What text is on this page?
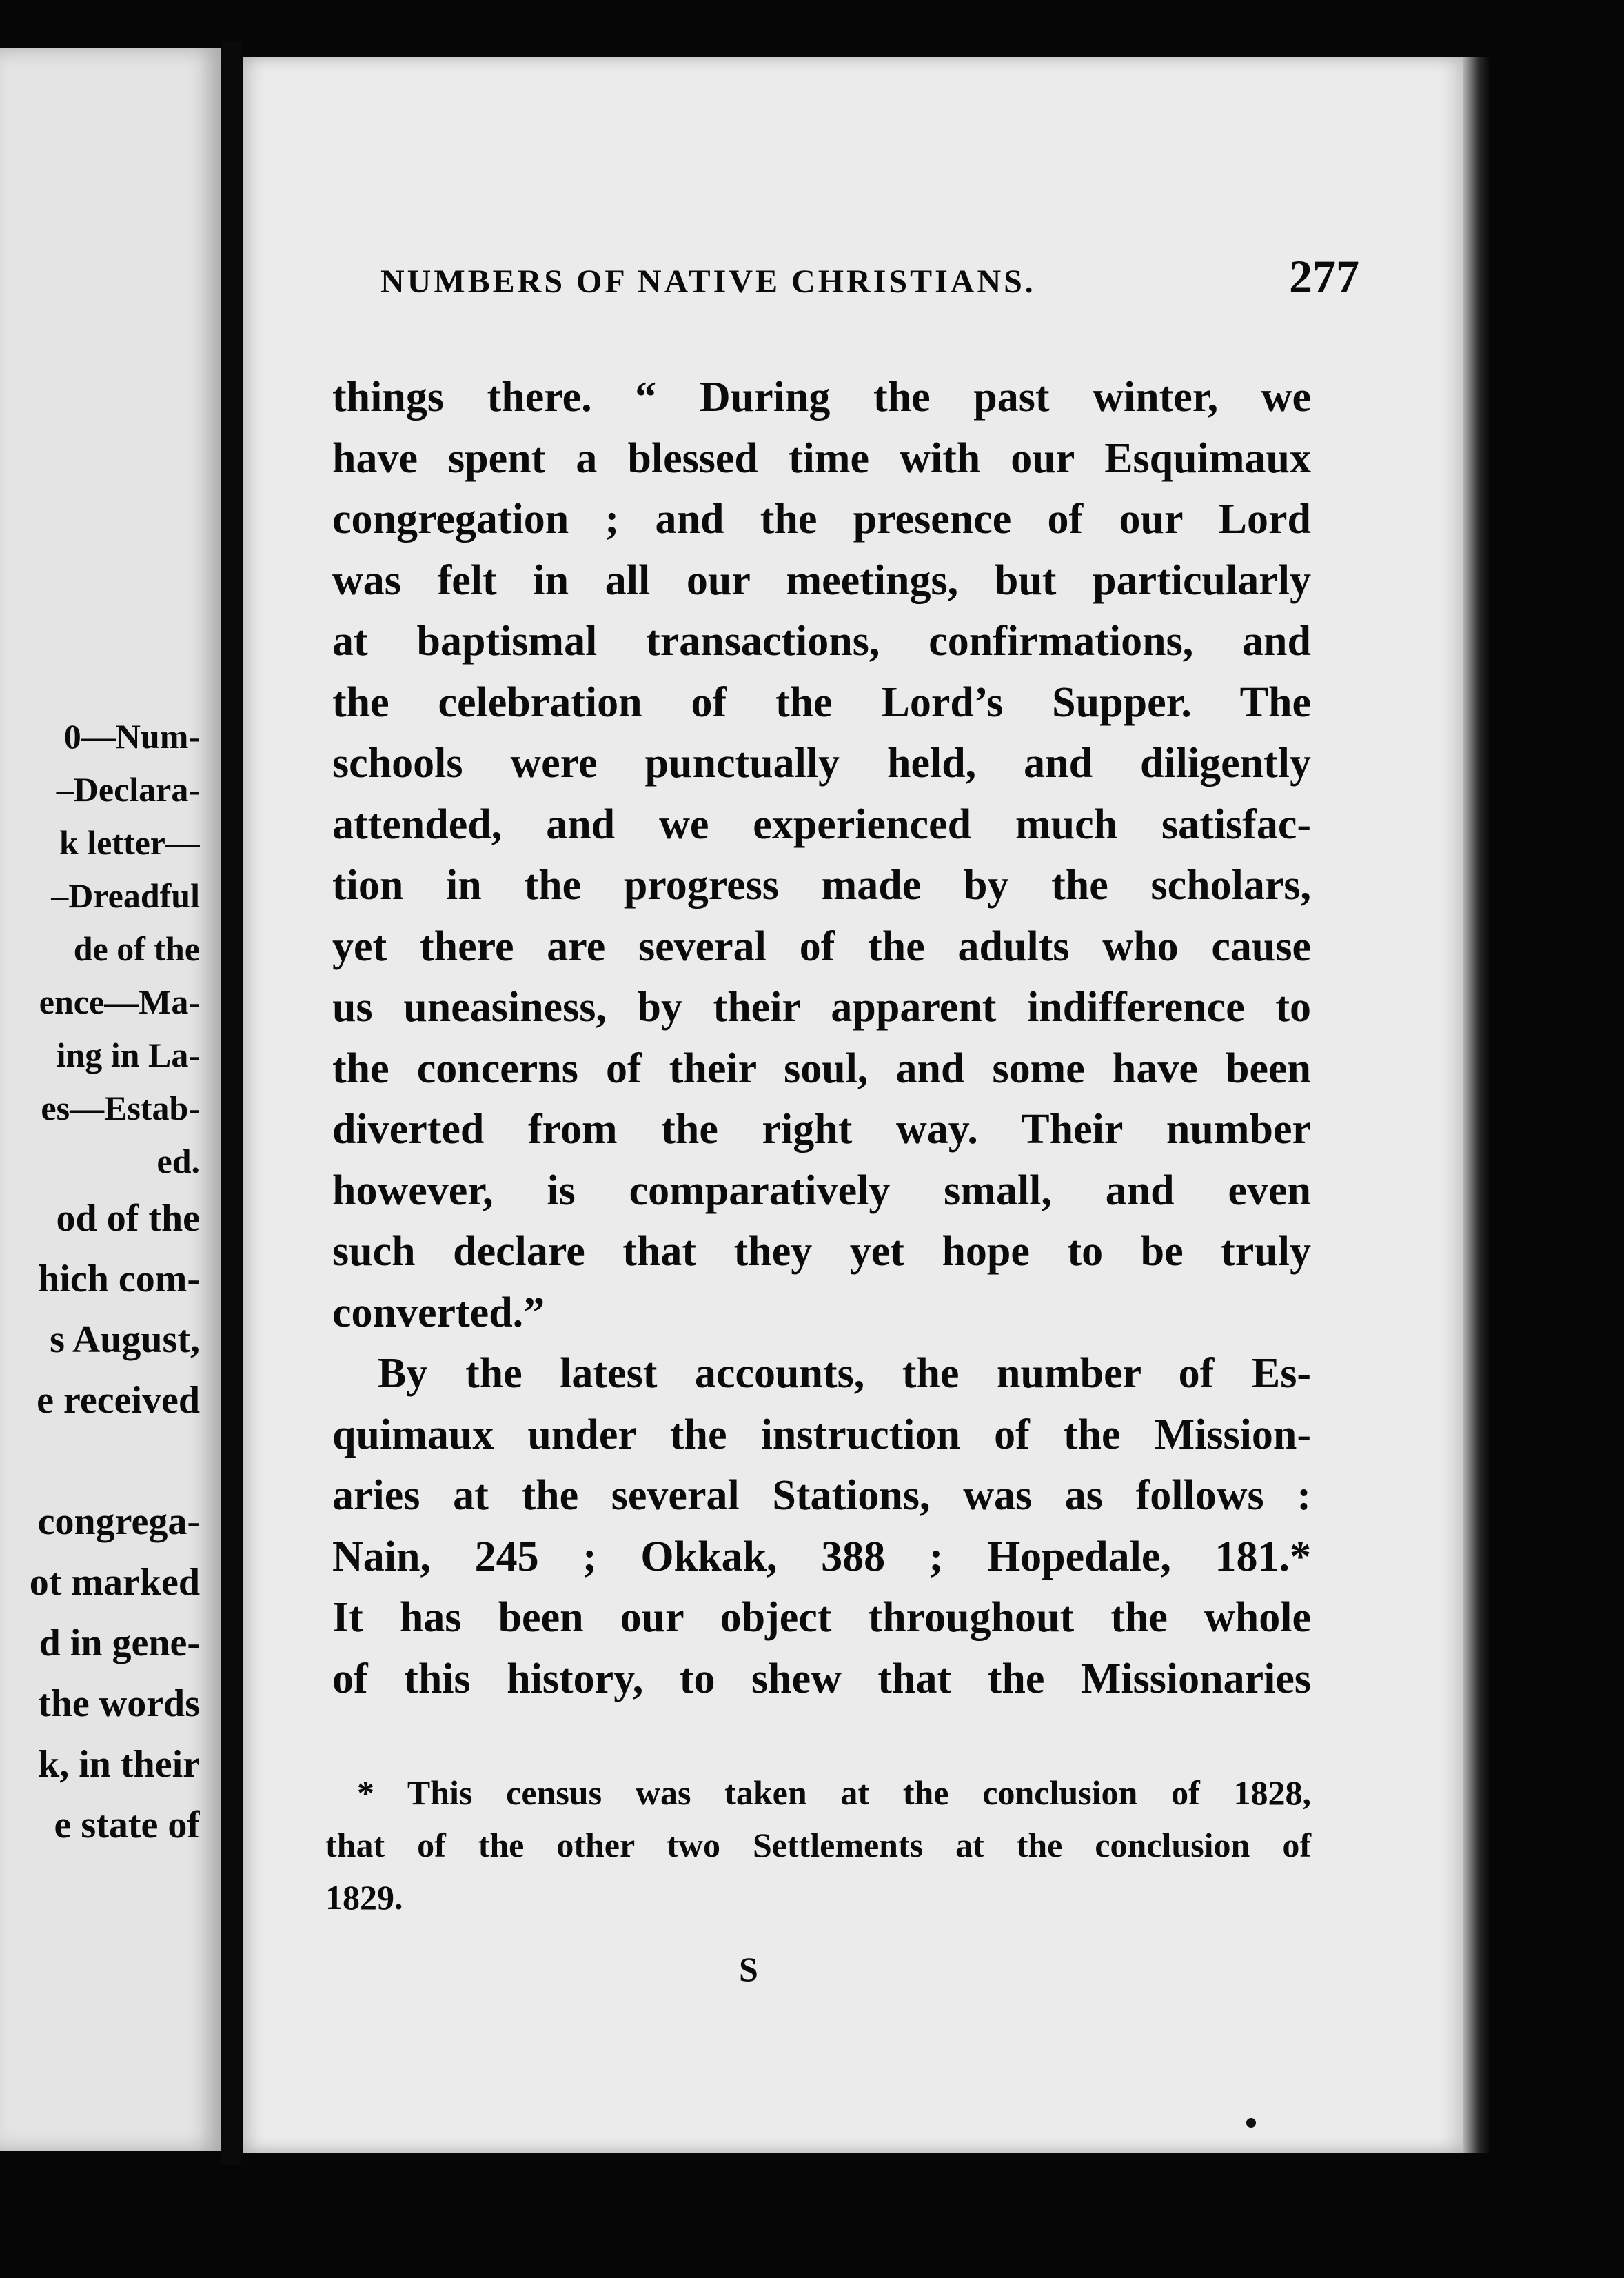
0—Num-
–Declara-
k letter—
–Dreadful
de of the
ence—Ma-
ing in La-
es—Estab-
ed.
od of the
hich com-
s August,
e received

congrega-
ot marked
d in gene-
the words
k, in their
e state of
NUMBERS OF NATIVE CHRISTIANS.	277
things there. “ During the past winter, we
have spent a blessed time with our Esquimaux
congregation ; and the presence of our Lord
was felt in all our meetings, but particularly
at baptismal transactions, confirmations, and
the celebration of the Lord’s Supper. The
schools were punctually held, and diligently
attended, and we experienced much satisfac-
tion in the progress made by the scholars,
yet there are several of the adults who cause
us uneasiness, by their apparent indifference to
the concerns of their soul, and some have been
diverted from the right way. Their number
however, is comparatively small, and even
such declare that they yet hope to be truly
converted.”
By the latest accounts, the number of Es-
quimaux under the instruction of the Mission-
aries at the several Stations, was as follows :
Nain, 245 ; Okkak, 388 ; Hopedale, 181.*
It has been our object throughout the whole
of this history, to shew that the Missionaries
* This census was taken at the conclusion of 1828,
that of the other two Settlements at the conclusion of
1829.
S
